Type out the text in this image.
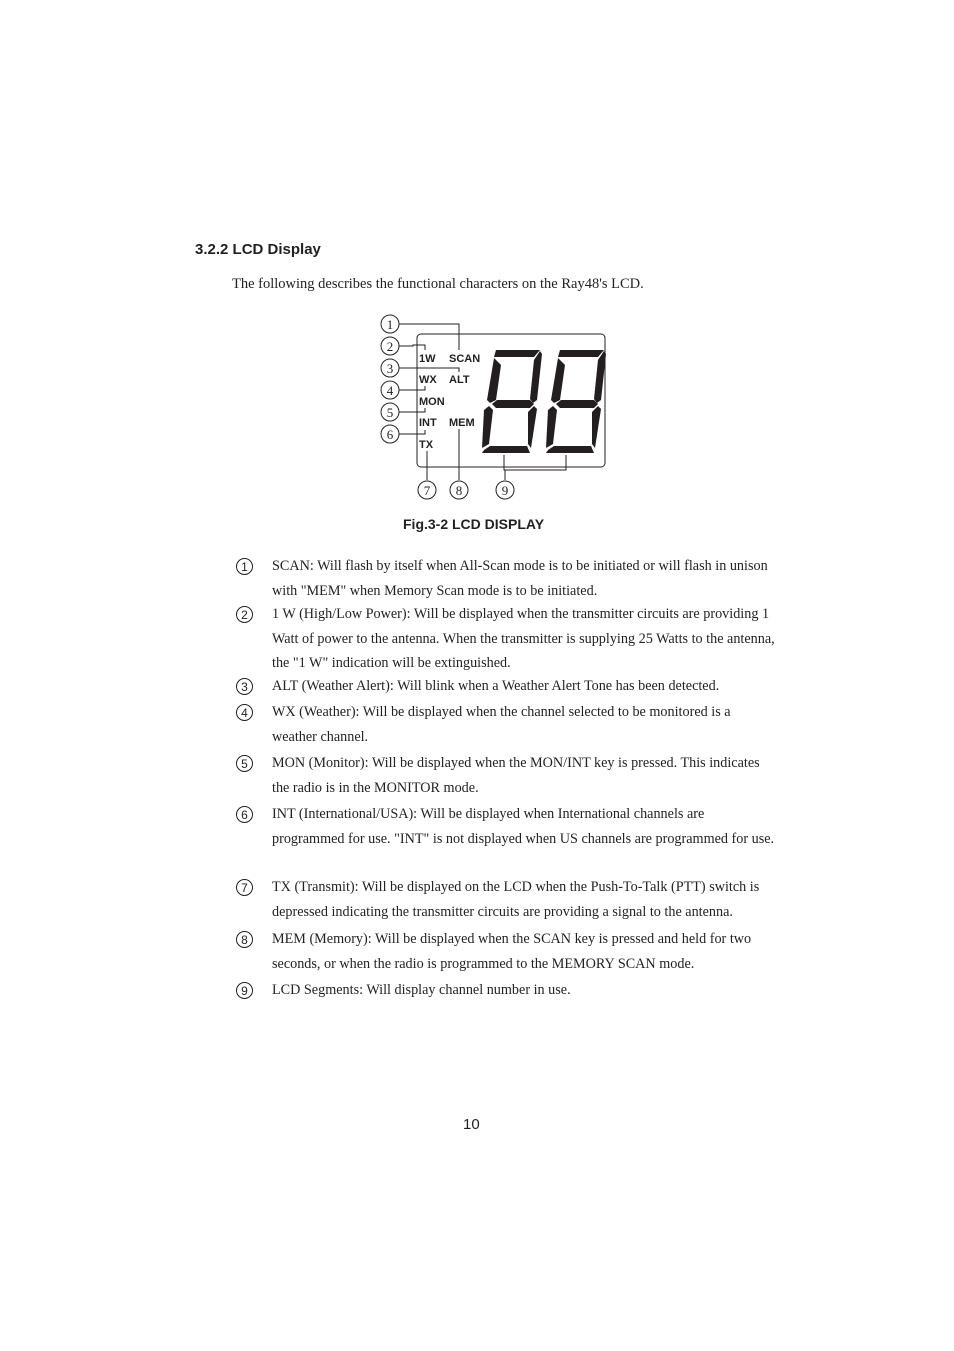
3.2.2 LCD Display
The following describes the functional characters on the Ray48's LCD.
1W SCAN
WX ALT
MON
INT MEM
TX
1
2
3
4
5
6
7 8	9
Fig.3-2 LCD DISPLAY
1	SCAN: Will flash by itself when All-Scan mode is to be initiated or will flash in unison with "MEM" when Memory Scan mode is to be initiated.
2	1 W (High/Low Power): Will be displayed when the transmitter circuits are providing 1 Watt of power to the antenna. When the transmitter is supplying 25 Watts to the antenna, the "1 W" indication will be extinguished.
3	ALT (Weather Alert): Will blink when a Weather Alert Tone has been detected.
4	WX (Weather): Will be displayed when the channel selected to be monitored is a weather channel.
5	MON (Monitor): Will be displayed when the MON/INT key is pressed. This indicates the radio is in the MONITOR mode.
6	INT (International/USA): Will be displayed when International channels are programmed for use. "INT" is not displayed when US channels are programmed for use.
7	TX (Transmit): Will be displayed on the LCD when the Push-To-Talk (PTT) switch is depressed indicating the transmitter circuits are providing a signal to the antenna.
8	MEM (Memory): Will be displayed when the SCAN key is pressed and held for two seconds, or when the radio is programmed to the MEMORY SCAN mode.
9	LCD Segments: Will display channel number in use.
10
